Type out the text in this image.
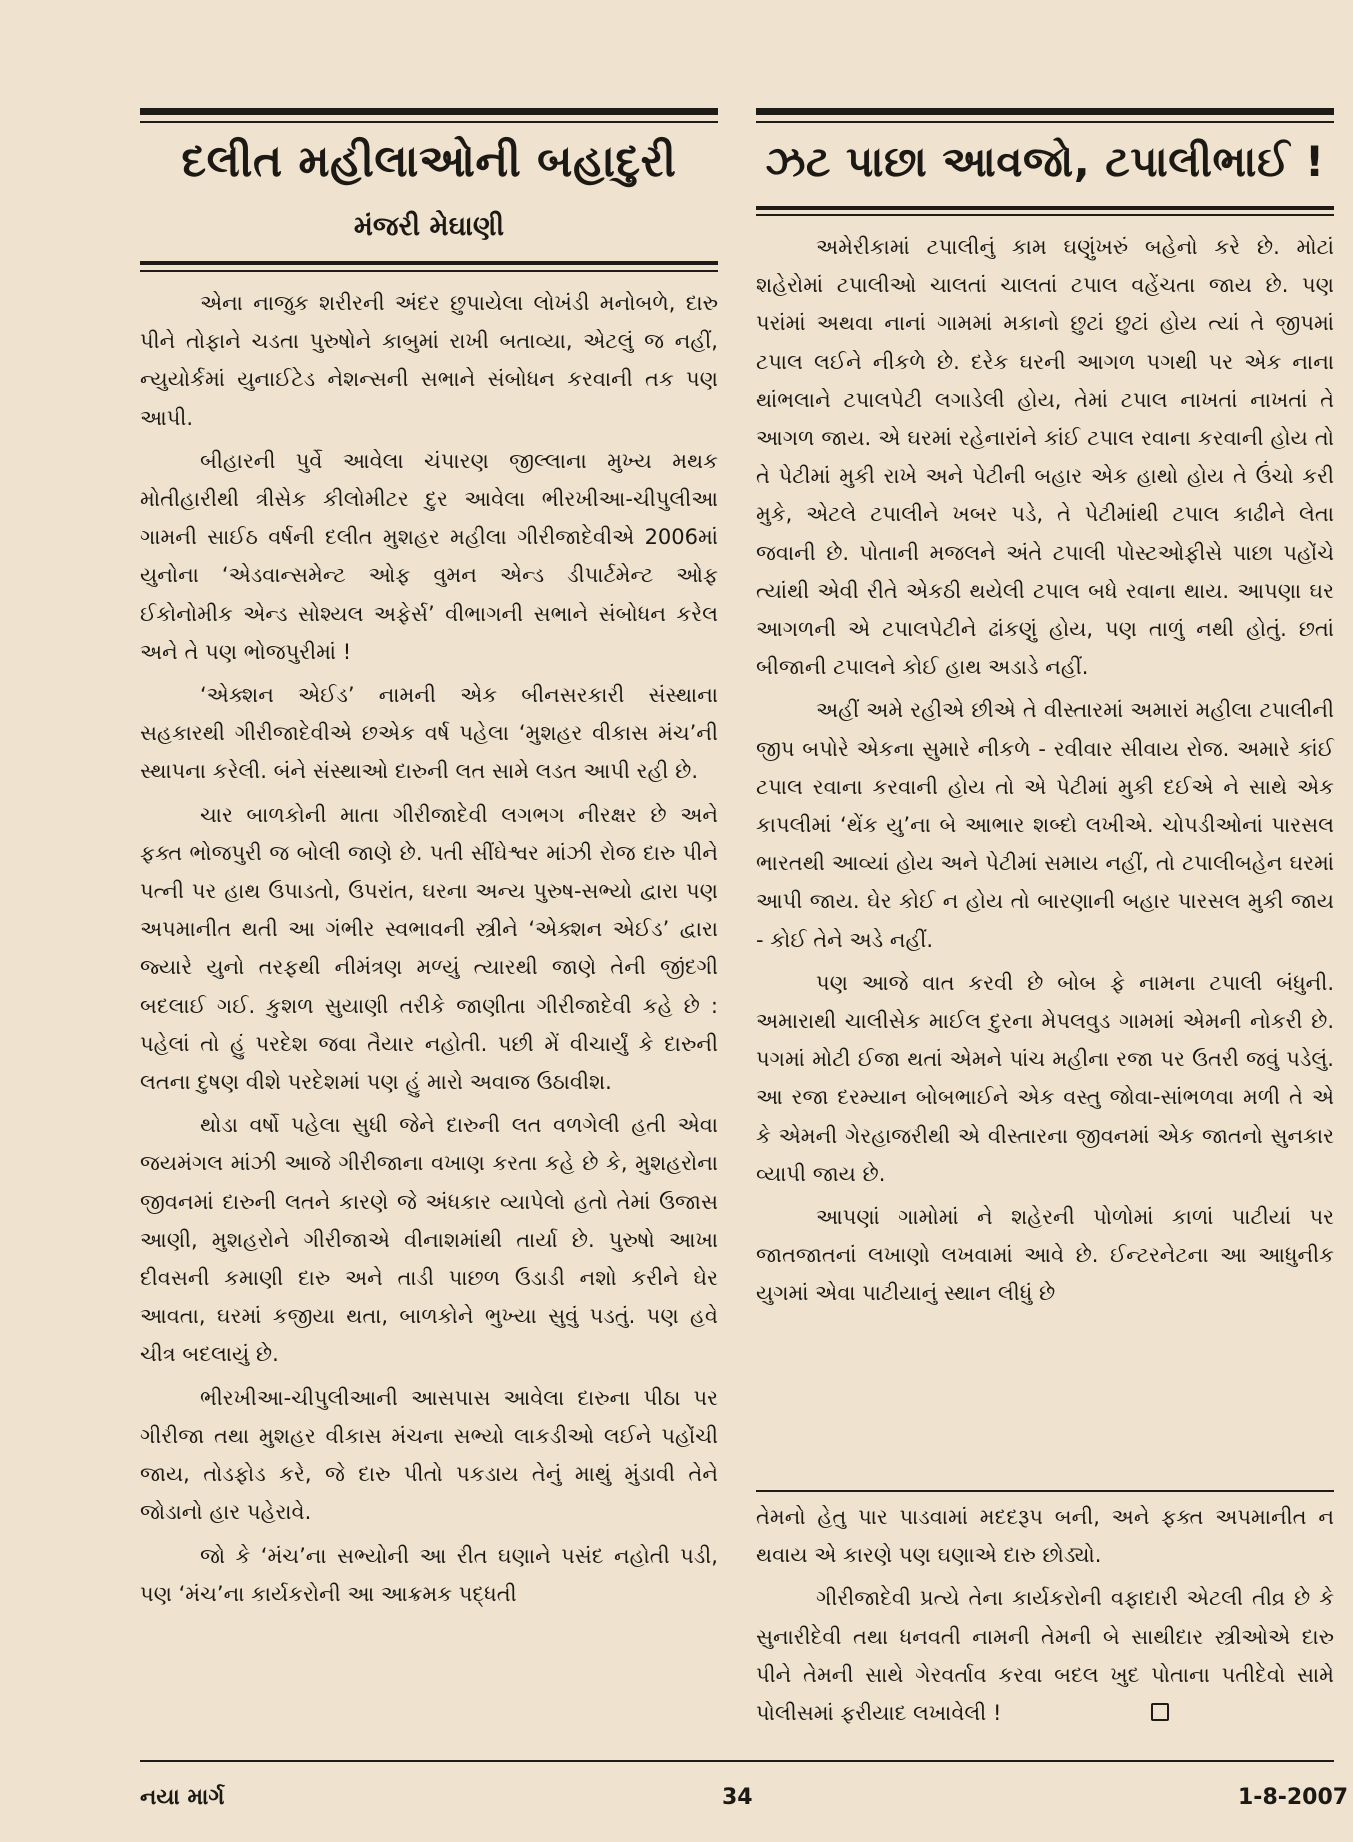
દલીત મહીલાઓની બહાદુરી
મંજરી મેઘાણી

એના નાજુક શરીરની અંદર છુપાયેલા લોખંડી મનોબળે, દારુ પીને તોફાને ચડતા પુરુષોને કાબુમાં રાખી બતાવ્યા, એટલું જ નહીં, ન્યુયોર્કમાં યુનાઈટેડ નેશન્સની સભાને સંબોધન કરવાની તક પણ આપી.

બીહારની પુર્વે આવેલા ચંપારણ જીલ્લાના મુખ્ય મથક મોતીહારીથી ત્રીસેક કીલોમીટર દુર આવેલા ભીરખીઆ-ચીપુલીઆ ગામની સાઈઠ વર્ષની દલીત મુશહર મહીલા ગીરીજાદેવીએ 2006માં યુનોના ‘એડવાન્સમેન્ટ ઓફ વુમન એન્ડ ડીપાર્ટમેન્ટ ઓફ ઈકોનોમીક એન્ડ સોશ્યલ અફેર્સ’ વીભાગની સભાને સંબોધન કરેલ અને તે પણ ભોજપુરીમાં !

‘એક્શન એઈડ’ નામની એક બીનસરકારી સંસ્થાના સહકારથી ગીરીજાદેવીએ છએક વર્ષ પહેલા ‘મુશહર વીકાસ મંચ’ની સ્થાપના કરેલી. બંને સંસ્થાઓ દારુની લત સામે લડત આપી રહી છે.

ચાર બાળકોની માતા ગીરીજાદેવી લગભગ નીરક્ષર છે અને ફક્ત ભોજપુરી જ બોલી જાણે છે. પતી સીંઘેશ્વર માંઝી રોજ દારુ પીને પત્ની પર હાથ ઉપાડતો, ઉપરાંત, ઘરના અન્ય પુરુષ-સભ્યો દ્વારા પણ અપમાનીત થતી આ ગંભીર સ્વભાવની સ્ત્રીને ‘એક્શન એઈડ’ દ્વારા જ્યારે યુનો તરફથી નીમંત્રણ મળ્યું ત્યારથી જાણે તેની જીંદગી બદલાઈ ગઈ. કુશળ સુયાણી તરીકે જાણીતા ગીરીજાદેવી કહે છે : પહેલાં તો હું પરદેશ જવા તૈયાર નહોતી. પછી મેં વીચાર્યું કે દારુની લતના દુષણ વીશે પરદેશમાં પણ હું મારો અવાજ ઉઠાવીશ.

થોડા વર્ષો પહેલા સુધી જેને દારુની લત વળગેલી હતી એવા જયમંગલ માંઝી આજે ગીરીજાના વખાણ કરતા કહે છે કે, મુશહરોના જીવનમાં દારુની લતને કારણે જે અંધકાર વ્યાપેલો હતો તેમાં ઉજાસ આણી, મુશહરોને ગીરીજાએ વીનાશમાંથી તાર્યા છે. પુરુષો આખા દીવસની કમાણી દારુ અને તાડી પાછળ ઉડાડી નશો કરીને ઘેર આવતા, ઘરમાં કજીયા થતા, બાળકોને ભુખ્યા સુવું પડતું. પણ હવે ચીત્ર બદલાયું છે.

ભીરખીઆ-ચીપુલીઆની આસપાસ આવેલા દારુના પીઠા પર ગીરીજા તથા મુશહર વીકાસ મંચના સભ્યો લાકડીઓ લઈને પહોંચી જાય, તોડફોડ કરે, જે દારુ પીતો પકડાય તેનું માથું મુંડાવી તેને જોડાનો હાર પહેરાવે.

જો કે ‘મંચ’ના સભ્યોની આ રીત ઘણાને પસંદ નહોતી પડી, પણ ‘મંચ’ના કાર્યકરોની આ આક્રમક પદ્ધતી

ઝટ પાછા આવજો, ટપાલીભાઈ !

અમેરીકામાં ટપાલીનું કામ ઘણુંખરું બહેનો કરે છે. મોટાં શહેરોમાં ટપાલીઓ ચાલતાં ચાલતાં ટપાલ વહેંચતા જાય છે. પણ પરાંમાં અથવા નાનાં ગામમાં મકાનો છુટાં છુટાં હોય ત્યાં તે જીપમાં ટપાલ લઈને નીકળે છે. દરેક ઘરની આગળ પગથી પર એક નાના થાંભલાને ટપાલપેટી લગાડેલી હોય, તેમાં ટપાલ નાખતાં નાખતાં તે આગળ જાય. એ ઘરમાં રહેનારાંને કાંઈ ટપાલ રવાના કરવાની હોય તો તે પેટીમાં મુકી રાખે અને પેટીની બહાર એક હાથો હોય તે ઉંચો કરી મુકે, એટલે ટપાલીને ખબર પડે, તે પેટીમાંથી ટપાલ કાઢીને લેતા જવાની છે. પોતાની મજલને અંતે ટપાલી પોસ્ટઓફીસે પાછા પહોંચે ત્યાંથી એવી રીતે એકઠી થયેલી ટપાલ બધે રવાના થાય. આપણા ઘર આગળની એ ટપાલપેટીને ઢાંકણું હોય, પણ તાળું નથી હોતું. છતાં બીજાની ટપાલને કોઈ હાથ અડાડે નહીં.

અહીં અમે રહીએ છીએ તે વીસ્તારમાં અમારાં મહીલા ટપાલીની જીપ બપોરે એકના સુમારે નીકળે - રવીવાર સીવાય રોજ. અમારે કાંઈ ટપાલ રવાના કરવાની હોય તો એ પેટીમાં મુકી દઈએ ને સાથે એક કાપલીમાં ‘થેંક યુ’ના બે આભાર શબ્દો લખીએ. ચોપડીઓનાં પારસલ ભારતથી આવ્યાં હોય અને પેટીમાં સમાય નહીં, તો ટપાલીબહેન ઘરમાં આપી જાય. ઘેર કોઈ ન હોય તો બારણાની બહાર પારસલ મુકી જાય - કોઈ તેને અડે નહીં.

પણ આજે વાત કરવી છે બોબ ફે નામના ટપાલી બંધુની. અમારાથી ચાલીસેક માઈલ દુરના મેપલવુડ ગામમાં એમની નોકરી છે. પગમાં મોટી ઈજા થતાં એમને પાંચ મહીના રજા પર ઉતરી જવું પડેલું. આ રજા દરમ્યાન બોબભાઈને એક વસ્તુ જોવા-સાંભળવા મળી તે એ કે એમની ગેરહાજરીથી એ વીસ્તારના જીવનમાં એક જાતનો સુનકાર વ્યાપી જાય છે.

આપણાં ગામોમાં ને શહેરની પોળોમાં કાળાં પાટીયાં પર જાતજાતનાં લખાણો લખવામાં આવે છે. ઈન્ટરનેટના આ આધુનીક યુગમાં એવા પાટીયાનું સ્થાન લીધું છે

તેમનો હેતુ પાર પાડવામાં મદદરૂપ બની, અને ફક્ત અપમાનીત ન થવાય એ કારણે પણ ઘણાએ દારુ છોડ્યો.

ગીરીજાદેવી પ્રત્યે તેના કાર્યકરોની વફાદારી એટલી તીવ્ર છે કે સુનારીદેવી તથા ધનવતી નામની તેમની બે સાથીદાર સ્ત્રીઓએ દારુ પીને તેમની સાથે ગેરવર્તાવ કરવા બદલ ખુદ પોતાના પતીદેવો સામે પોલીસમાં ફરીયાદ લખાવેલી !

નયા માર્ગ	34	1-8-2007
